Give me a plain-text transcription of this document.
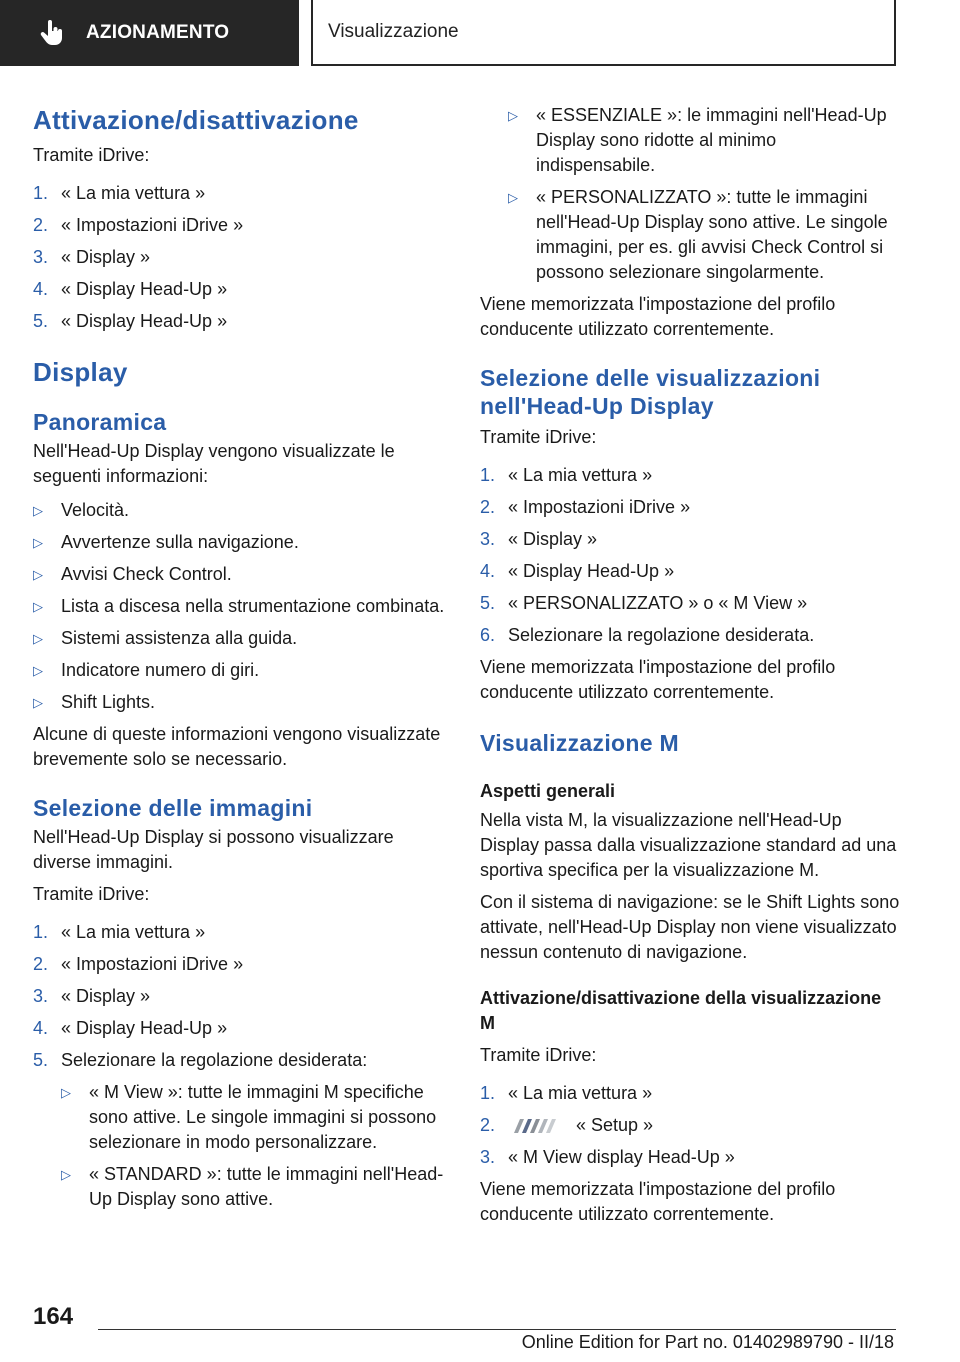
AZIONAMENTO	Visualizzazione
Attivazione/disattivazione

Tramite iDrive:

1. « La mia vettura »
2. « Impostazioni iDrive »
3. « Display »
4. « Display Head-Up »
5. « Display Head-Up »
Display
Panoramica

Nell'Head-Up Display vengono visualizzate le seguenti informazioni:

▷	Velocità.
▷	Avvertenze sulla navigazione.
▷	Avvisi Check Control.
▷	Lista a discesa nella strumentazione combinata.
▷	Sistemi assistenza alla guida.
▷	Indicatore numero di giri.
▷	Shift Lights.

Alcune di queste informazioni vengono visualizzate brevemente solo se necessario.

Selezione delle immagini

Nell'Head-Up Display si possono visualizzare diverse immagini.

Tramite iDrive:

1. « La mia vettura »
2. « Impostazioni iDrive »
3. « Display »
4. « Display Head-Up »
5. Selezionare la regolazione desiderata:
▷	« M View »: tutte le immagini M specifiche sono attive. Le singole immagini si possono selezionare in modo personalizzare.
▷	« STANDARD »: tutte le immagini nell'Head-Up Display sono attive.
▷	« ESSENZIALE »: le immagini nell'Head-Up Display sono ridotte al minimo indispensabile.
▷	« PERSONALIZZATO »: tutte le immagini nell'Head-Up Display sono attive. Le singole immagini, per es. gli avvisi Check Control si possono selezionare singolarmente.

Viene memorizzata l'impostazione del profilo conducente utilizzato correntemente.

Selezione delle visualizzazioni nell'Head-Up Display

Tramite iDrive:

1. « La mia vettura »
2. « Impostazioni iDrive »
3. « Display »
4. « Display Head-Up »
5. « PERSONALIZZATO » o « M View »
6. Selezionare la regolazione desiderata.

Viene memorizzata l'impostazione del profilo conducente utilizzato correntemente.

Visualizzazione M
Aspetti generali

Nella vista M, la visualizzazione nell'Head-Up Display passa dalla visualizzazione standard ad una sportiva specifica per la visualizzazione M.

Con il sistema di navigazione: se le Shift Lights sono attivate, nell'Head-Up Display non viene visualizzato nessun contenuto di navigazione.

Attivazione/disattivazione della visualizzazione M

Tramite iDrive:

1. « La mia vettura »
2.	« Setup »
3. « M View display Head-Up »

Viene memorizzata l'impostazione del profilo conducente utilizzato correntemente.

164
Online Edition for Part no. 01402989790 - II/18
